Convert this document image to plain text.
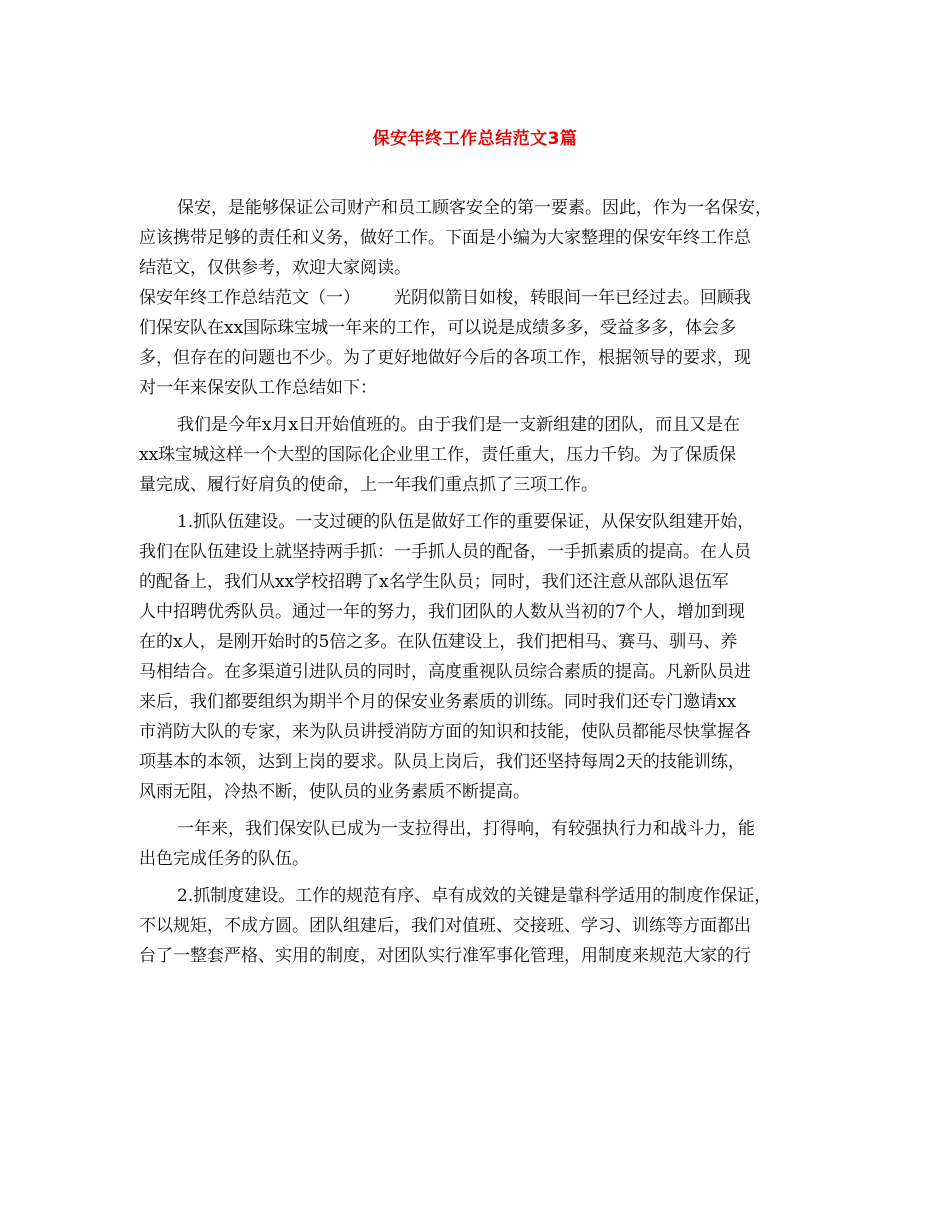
保安年终工作总结范文3篇
保安，是能够保证公司财产和员工顾客安全的第一要素。因此，作为一名保安，
应该携带足够的责任和义务，做好工作。下面是小编为大家整理的保安年终工作总
结范文，仅供参考，欢迎大家阅读。
保安年终工作总结范文（一） 光阴似箭日如梭，转眼间一年已经过去。回顾我
们保安队在xx国际珠宝城一年来的工作，可以说是成绩多多，受益多多，体会多
多，但存在的问题也不少。为了更好地做好今后的各项工作，根据领导的要求，现
对一年来保安队工作总结如下：
我们是今年x月x日开始值班的。由于我们是一支新组建的团队，而且又是在
xx珠宝城这样一个大型的国际化企业里工作，责任重大，压力千钧。为了保质保
量完成、履行好肩负的使命，上一年我们重点抓了三项工作。
1.抓队伍建设。一支过硬的队伍是做好工作的重要保证，从保安队组建开始，
我们在队伍建设上就坚持两手抓：一手抓人员的配备，一手抓素质的提高。在人员
的配备上，我们从xx学校招聘了x名学生队员；同时，我们还注意从部队退伍军
人中招聘优秀队员。通过一年的努力，我们团队的人数从当初的7个人，增加到现
在的x人，是刚开始时的5倍之多。在队伍建设上，我们把相马、赛马、驯马、养
马相结合。在多渠道引进队员的同时，高度重视队员综合素质的提高。凡新队员进
来后，我们都要组织为期半个月的保安业务素质的训练。同时我们还专门邀请xx
市消防大队的专家，来为队员讲授消防方面的知识和技能，使队员都能尽快掌握各
项基本的本领，达到上岗的要求。队员上岗后，我们还坚持每周2天的技能训练，
风雨无阻，冷热不断，使队员的业务素质不断提高。
一年来，我们保安队已成为一支拉得出，打得响，有较强执行力和战斗力，能
出色完成任务的队伍。
2.抓制度建设。工作的规范有序、卓有成效的关键是靠科学适用的制度作保证，
不以规矩，不成方圆。团队组建后，我们对值班、交接班、学习、训练等方面都出
台了一整套严格、实用的制度，对团队实行准军事化管理，用制度来规范大家的行
